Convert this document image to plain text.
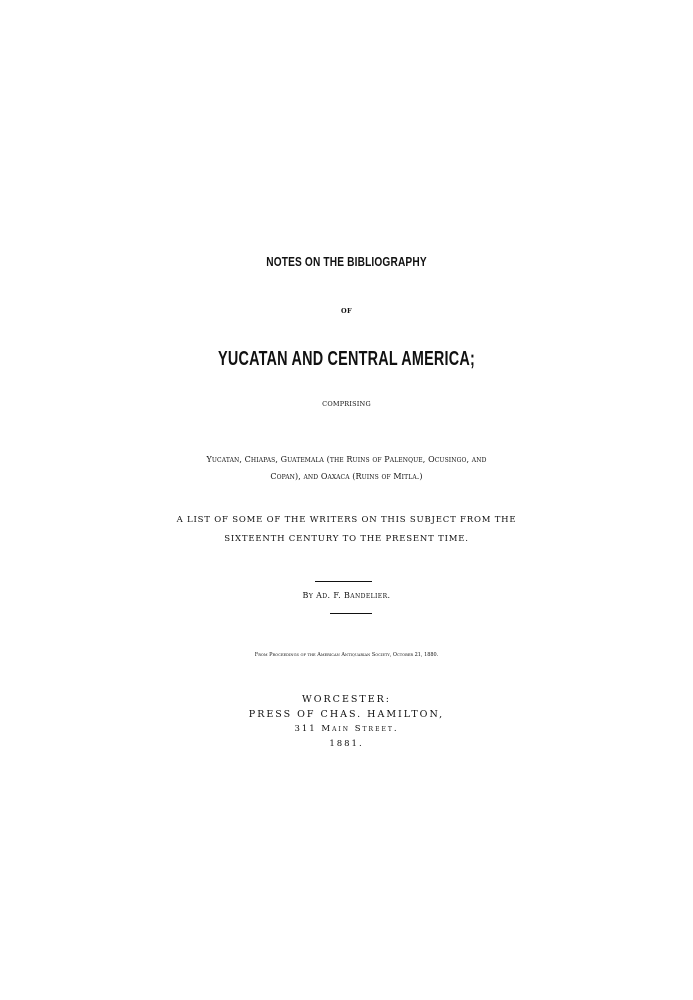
NOTES ON THE BIBLIOGRAPHY
OF
YUCATAN AND CENTRAL AMERICA;
COMPRISING
Yucatan, Chiapas, Guatemala (the Ruins of Palenque, Ocusingo, and
Copan), and Oaxaca (Ruins of Mitla.)
A LIST OF SOME OF THE WRITERS ON THIS SUBJECT FROM THE
SIXTEENTH CENTURY TO THE PRESENT TIME.
By Ad. F. Bandelier.
From Proceedings of the American Antiquarian Society, October 21, 1880.
WORCESTER:
PRESS OF CHAS. HAMILTON,
311 Main Street.
1881.
